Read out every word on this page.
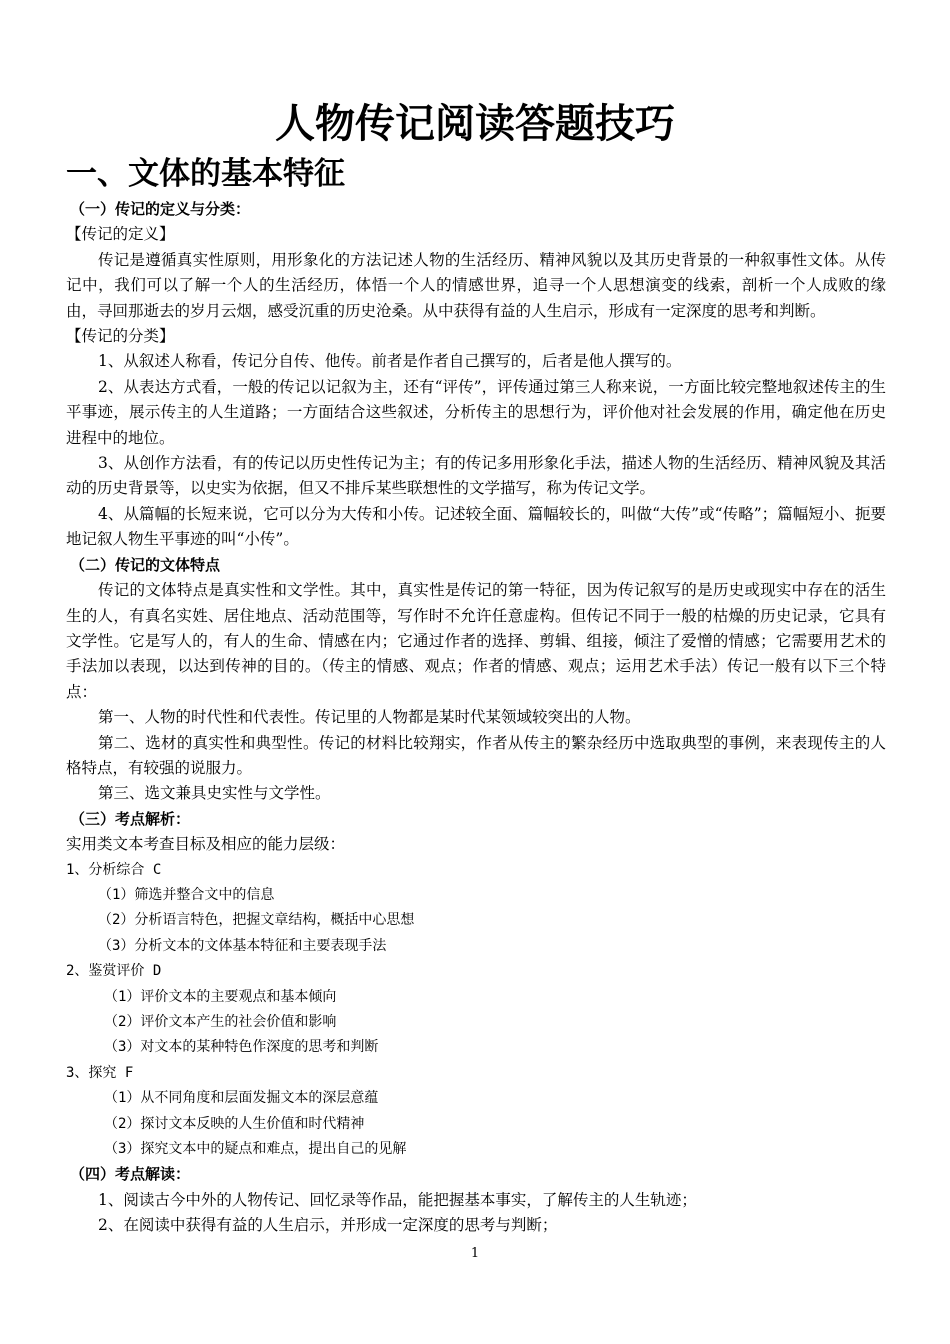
人物传记阅读答题技巧
一、文体的基本特征

（一）传记的定义与分类：

【传记的定义】

传记是遵循真实性原则，用形象化的方法记述人物的生活经历、精神风貌以及其历史背景的一种叙事性文体。从传记中，我们可以了解一个人的生活经历，体悟一个人的情感世界，追寻一个人思想演变的线索，剖析一个人成败的缘由，寻回那逝去的岁月云烟，感受沉重的历史沧桑。从中获得有益的人生启示，形成有一定深度的思考和判断。

【传记的分类】

1、从叙述人称看，传记分自传、他传。前者是作者自己撰写的，后者是他人撰写的。

2、从表达方式看，一般的传记以记叙为主，还有“评传”，评传通过第三人称来说，一方面比较完整地叙述传主的生平事迹，展示传主的人生道路；一方面结合这些叙述，分析传主的思想行为，评价他对社会发展的作用，确定他在历史进程中的地位。

3、从创作方法看，有的传记以历史性传记为主；有的传记多用形象化手法，描述人物的生活经历、精神风貌及其活动的历史背景等，以史实为依据，但又不排斥某些联想性的文学描写，称为传记文学。

4、从篇幅的长短来说，它可以分为大传和小传。记述较全面、篇幅较长的，叫做“大传”或“传略”；篇幅短小、扼要地记叙人物生平事迹的叫“小传”。

（二）传记的文体特点

传记的文体特点是真实性和文学性。其中，真实性是传记的第一特征，因为传记叙写的是历史或现实中存在的活生生的人，有真名实姓、居住地点、活动范围等，写作时不允许任意虚构。但传记不同于一般的枯燥的历史记录，它具有文学性。它是写人的，有人的生命、情感在内；它通过作者的选择、剪辑、组接，倾注了爱憎的情感；它需要用艺术的手法加以表现，以达到传神的目的。（传主的情感、观点；作者的情感、观点；运用艺术手法）传记一般有以下三个特点：

第一、人物的时代性和代表性。传记里的人物都是某时代某领域较突出的人物。

第二、选材的真实性和典型性。传记的材料比较翔实，作者从传主的繁杂经历中选取典型的事例，来表现传主的人格特点，有较强的说服力。

第三、选文兼具史实性与文学性。

（三）考点解析：

实用类文本考查目标及相应的能力层级：

1、分析综合 C

（1）筛选并整合文中的信息

（2）分析语言特色，把握文章结构，概括中心思想

（3）分析文本的文体基本特征和主要表现手法

2、鉴赏评价 D

（1）评价文本的主要观点和基本倾向

（2）评价文本产生的社会价值和影响

（3）对文本的某种特色作深度的思考和判断

3、探究 F

（1）从不同角度和层面发掘文本的深层意蕴

（2）探讨文本反映的人生价值和时代精神

（3）探究文本中的疑点和难点，提出自己的见解

（四）考点解读：

1、阅读古今中外的人物传记、回忆录等作品，能把握基本事实，了解传主的人生轨迹；

2、在阅读中获得有益的人生启示，并形成一定深度的思考与判断；

1
